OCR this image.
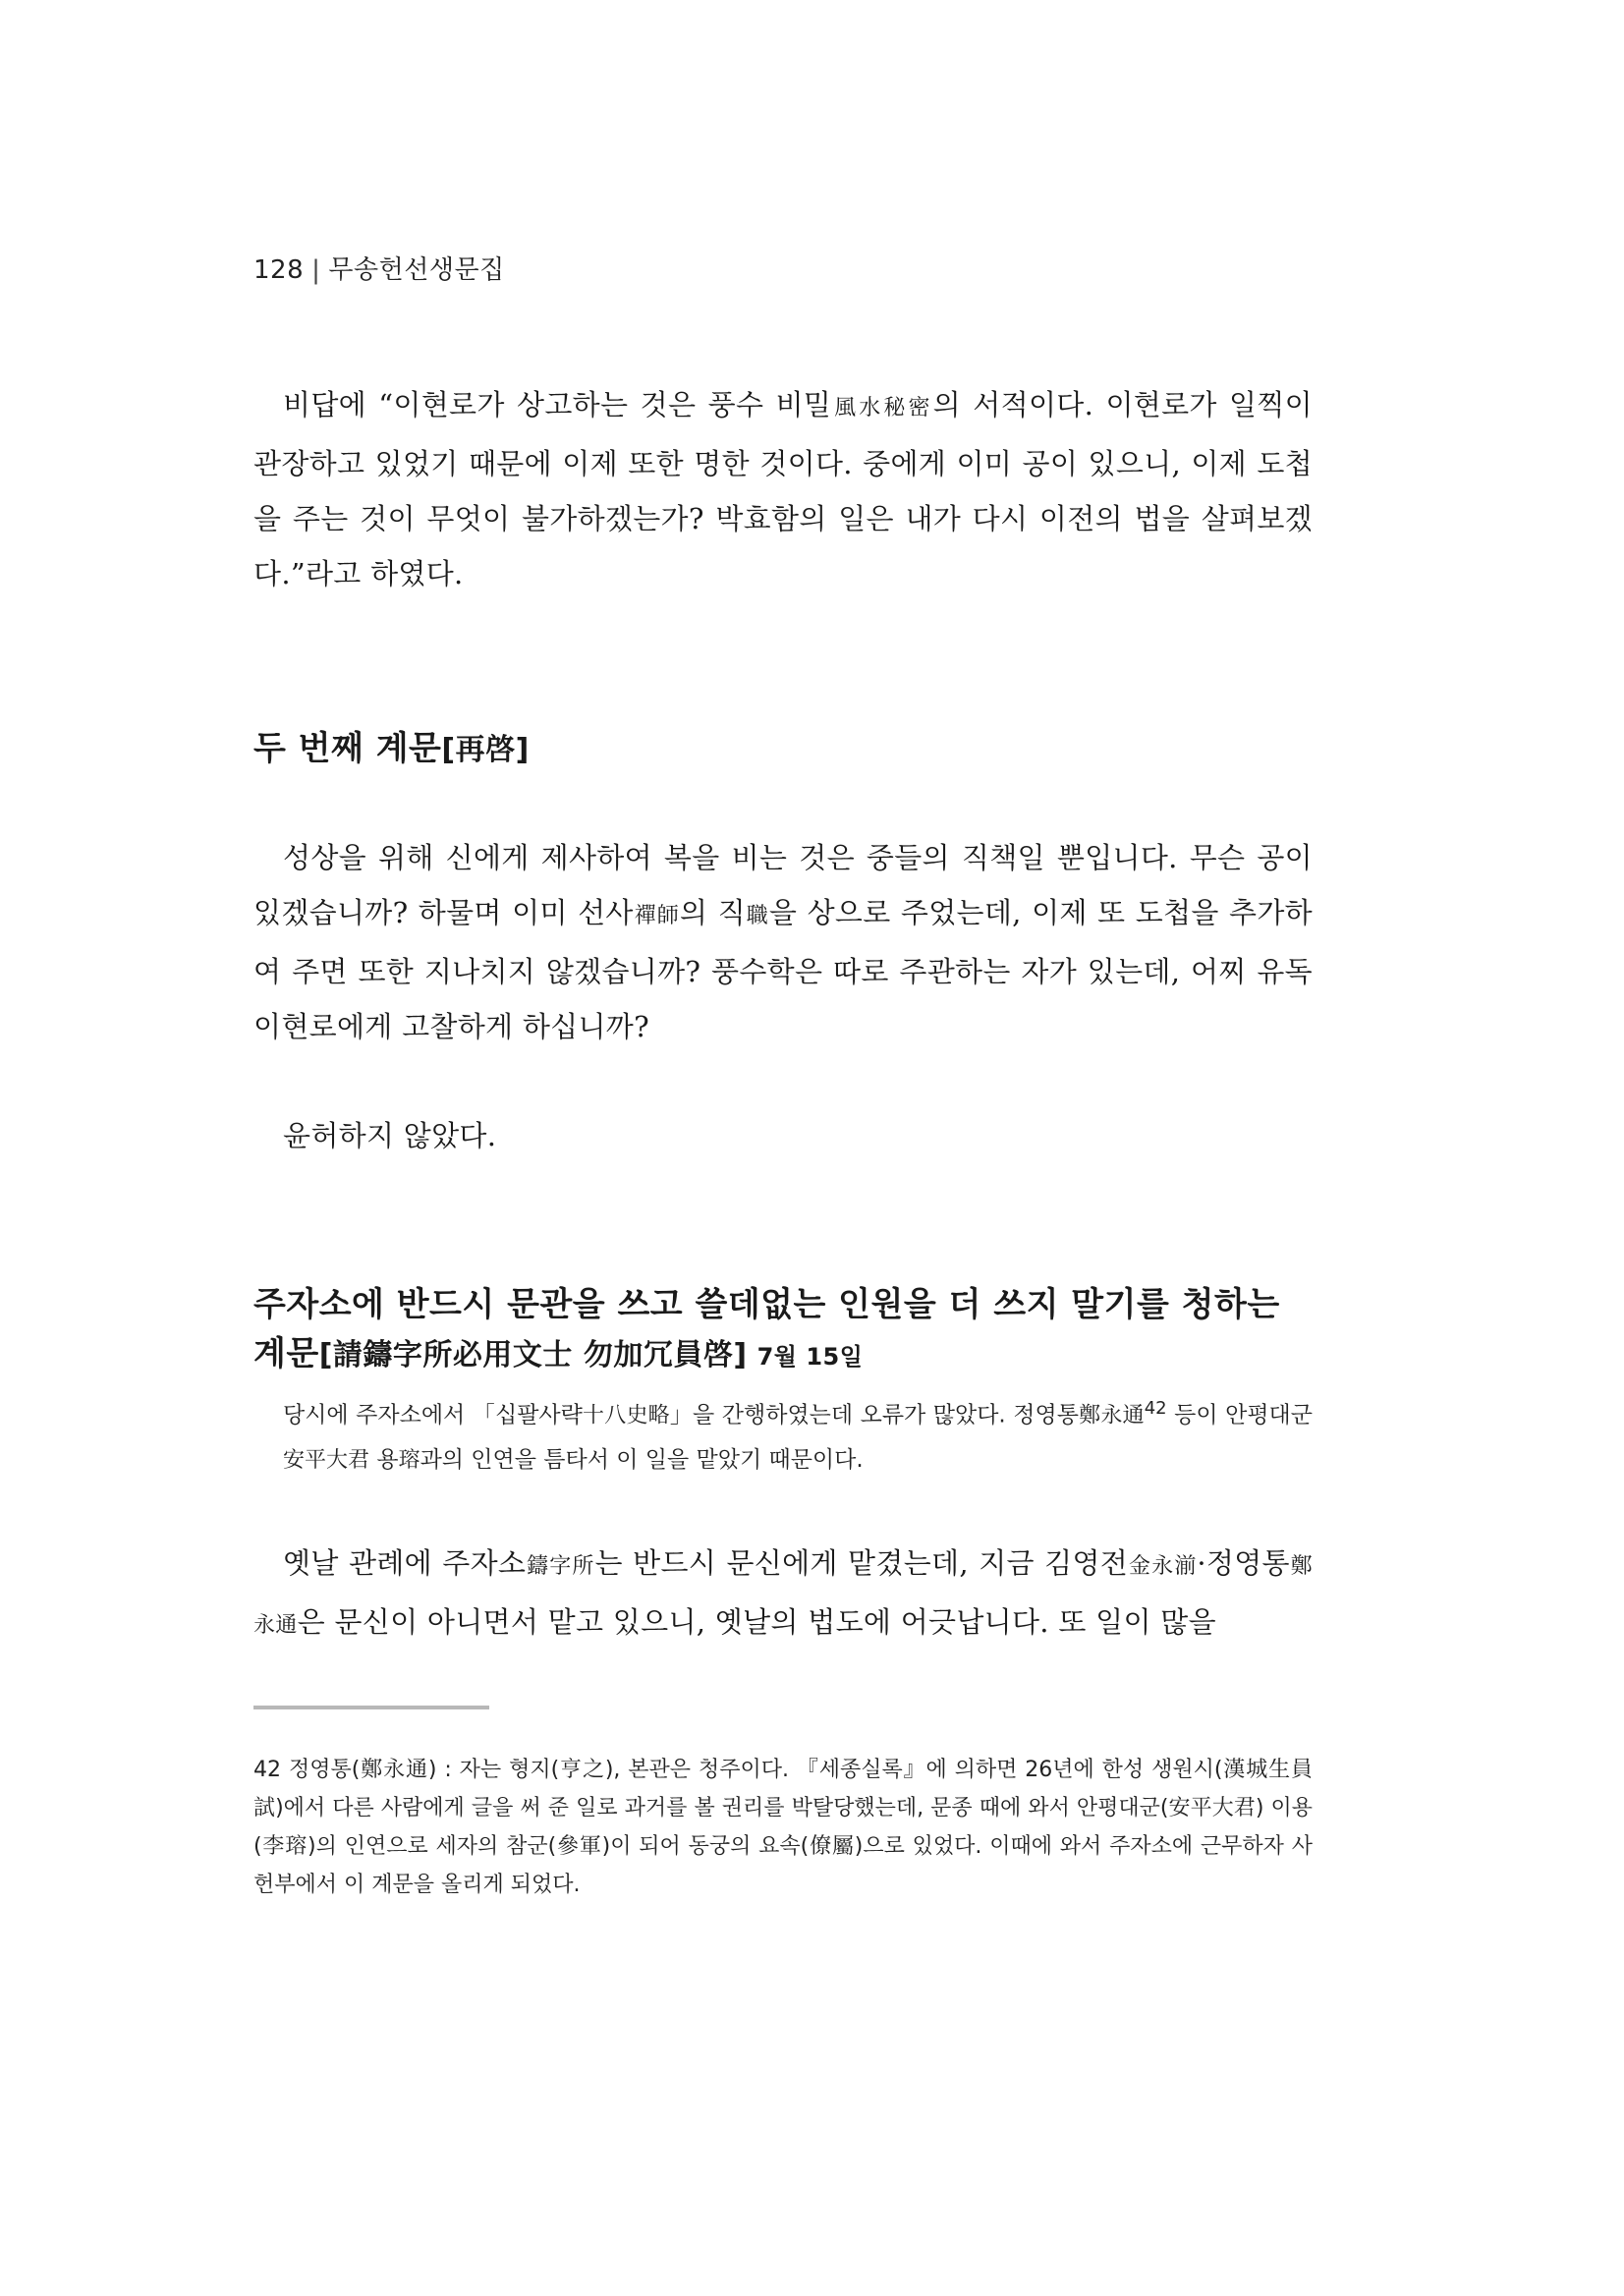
128 | 무송헌선생문집

비답에 “이현로가 상고하는 것은 풍수 비밀風水秘密의 서적이다. 이현로가 일찍이 관장하고 있었기 때문에 이제 또한 명한 것이다. 중에게 이미 공이 있으니, 이제 도첩을 주는 것이 무엇이 불가하겠는가? 박효함의 일은 내가 다시 이전의 법을 살펴보겠다.”라고 하였다.

두 번째 계문[再啓]

성상을 위해 신에게 제사하여 복을 비는 것은 중들의 직책일 뿐입니다. 무슨 공이 있겠습니까? 하물며 이미 선사禪師의 직職을 상으로 주었는데, 이제 또 도첩을 추가하여 주면 또한 지나치지 않겠습니까? 풍수학은 따로 주관하는 자가 있는데, 어찌 유독 이현로에게 고찰하게 하십니까?

윤허하지 않았다.

주자소에 반드시 문관을 쓰고 쓸데없는 인원을 더 쓰지 말기를 청하는 계문[請鑄字所必用文士 勿加冗員啓] 7월 15일

당시에 주자소에서 「십팔사략十八史略」을 간행하였는데 오류가 많았다. 정영통鄭永通$^{42}$ 등이 안평대군安平大君 용瑢과의 인연을 틈타서 이 일을 맡았기 때문이다.

옛날 관례에 주자소鑄字所는 반드시 문신에게 맡겼는데, 지금 김영전金永湔·정영통鄭永通은 문신이 아니면서 맡고 있으니, 옛날의 법도에 어긋납니다. 또 일이 많을

42 정영통(鄭永通) : 자는 형지(亨之), 본관은 청주이다. 『세종실록』에 의하면 26년에 한성 생원시(漢城生員試)에서 다른 사람에게 글을 써 준 일로 과거를 볼 권리를 박탈당했는데, 문종 때에 와서 안평대군(安平大君) 이용(李瑢)의 인연으로 세자의 참군(參軍)이 되어 동궁의 요속(僚屬)으로 있었다. 이때에 와서 주자소에 근무하자 사헌부에서 이 계문을 올리게 되었다.
